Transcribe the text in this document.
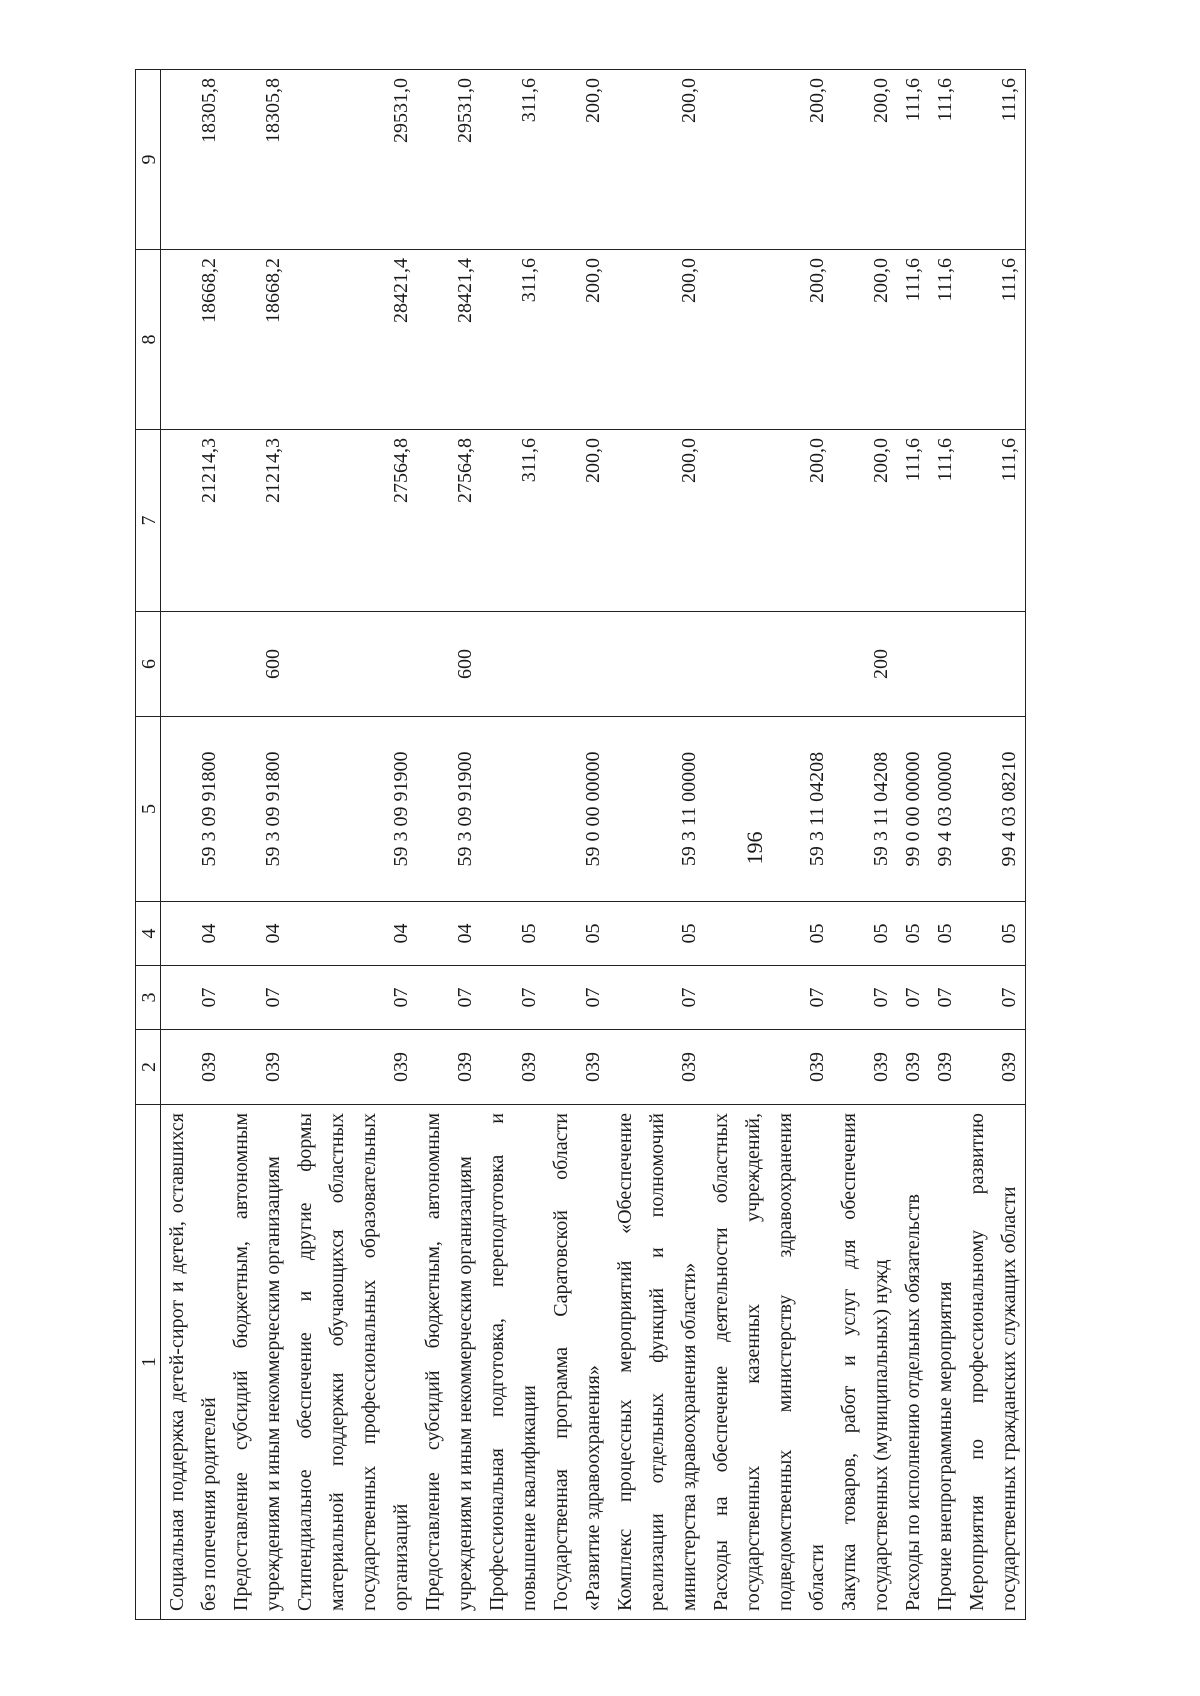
196
1	2	3	4	5	6	7	8	9
Социальная поддержка детей-сирот и детей, оставшихся без попечения родителей	039	07	04	59 3 09 91800		21214,3	18668,2	18305,8
Предоставление субсидий бюджетным, автономным учреждениям и иным некоммерческим организациям	039	07	04	59 3 09 91800	600	21214,3	18668,2	18305,8
Стипендиальное обеспечение и другие формы материальной поддержки обучающихся областных государственных профессиональных образовательных организаций	039	07	04	59 3 09 91900		27564,8	28421,4	29531,0
Предоставление субсидий бюджетным, автономным учреждениям и иным некоммерческим организациям	039	07	04	59 3 09 91900	600	27564,8	28421,4	29531,0
Профессиональная подготовка, переподготовка и повышение квалификации	039	07	05			311,6	311,6	311,6
Государственная программа Саратовской области «Развитие здравоохранения»	039	07	05	59 0 00 00000		200,0	200,0	200,0
Комплекс процессных мероприятий «Обеспечение реализации отдельных функций и полномочий министерства здравоохранения области»	039	07	05	59 3 11 00000		200,0	200,0	200,0
Расходы на обеспечение деятельности областных государственных казенных учреждений, подведомственных министерству здравоохранения области	039	07	05	59 3 11 04208		200,0	200,0	200,0
Закупка товаров, работ и услуг для обеспечения государственных (муниципальных) нужд	039	07	05	59 3 11 04208	200	200,0	200,0	200,0
Расходы по исполнению отдельных обязательств	039	07	05	99 0 00 00000		111,6	111,6	111,6
Прочие внепрограммные мероприятия	039	07	05	99 4 03 00000		111,6	111,6	111,6
Мероприятия по профессиональному развитию государственных гражданских служащих области	039	07	05	99 4 03 08210		111,6	111,6	111,6
